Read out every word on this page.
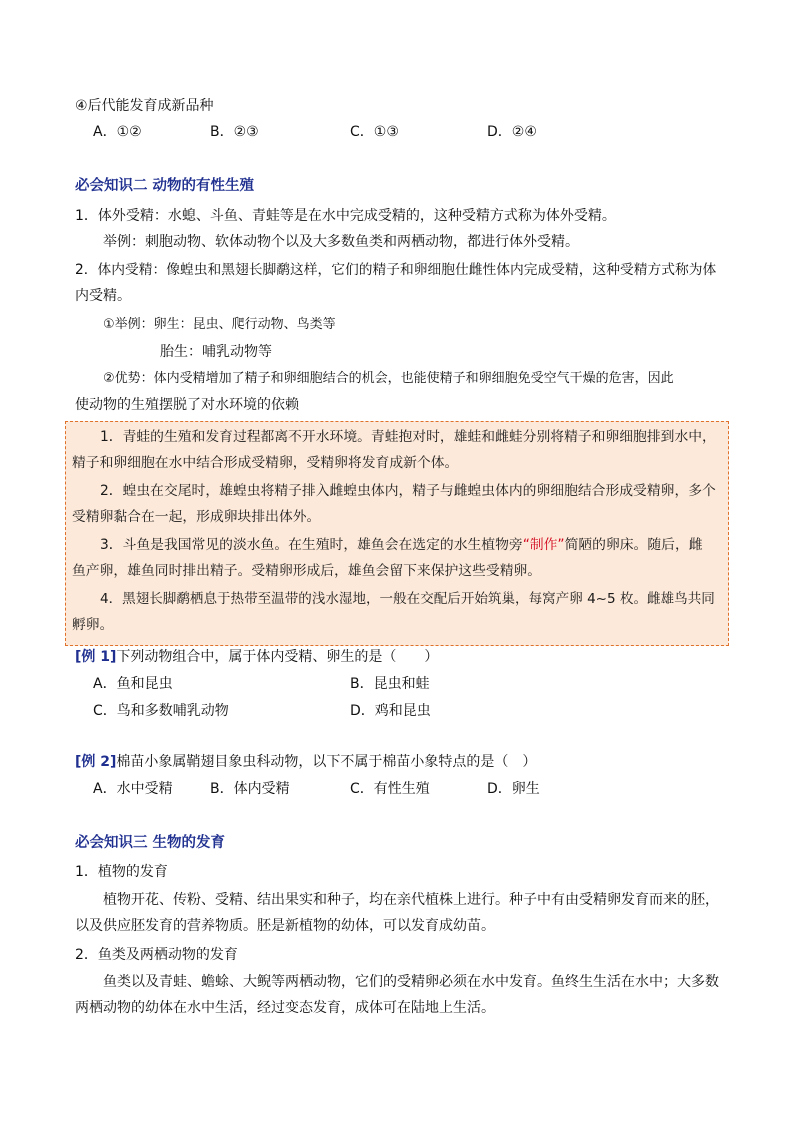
④后代能发育成新品种
A．①②	B．②③	C．①③	D．②④
必会知识二 动物的有性生殖
1．体外受精：水螅、斗鱼、青蛙等是在水中完成受精的，这种受精方式称为体外受精。
举例：刺胞动物、软体动物个以及大多数鱼类和两栖动物，都进行体外受精。
2．体内受精：像蝗虫和黑翅长脚鹬这样，它们的精子和卵细胞仕雌性体内完成受精，这种受精方式称为体
内受精。
①举例：卵生：昆虫、爬行动物、鸟类等
胎生：哺乳动物等
②优势：体内受精增加了精子和卵细胞结合的机会，也能使精子和卵细胞免受空气干燥的危害，因此
使动物的生殖摆脱了对水环境的依赖
1．青蛙的生殖和发育过程都离不开水环境。青蛙抱对时，雄蛙和雌蛙分别将精子和卵细胞排到水中，
精子和卵细胞在水中结合形成受精卵，受精卵将发育成新个体。
2．蝗虫在交尾时，雄蝗虫将精子排入雌蝗虫体内，精子与雌蝗虫体内的卵细胞结合形成受精卵，多个
受精卵黏合在一起，形成卵块排出体外。
3．斗鱼是我国常见的淡水鱼。在生殖时，雄鱼会在选定的水生植物旁“制作”简陋的卵床。随后，雌
鱼产卵，雄鱼同时排出精子。受精卵形成后，雄鱼会留下来保护这些受精卵。
4．黑翅长脚鹬栖息于热带至温带的浅水湿地，一般在交配后开始筑巢，每窝产卵 4~5 枚。雌雄鸟共同
孵卵。
[例 1]下列动物组合中，属于体内受精、卵生的是（　　）
A．鱼和昆虫	B．昆虫和蛙
C．鸟和多数哺乳动物	D．鸡和昆虫
[例 2]棉苗小象属鞘翅目象虫科动物，以下不属于棉苗小象特点的是（　）
A．水中受精	B．体内受精	C．有性生殖	D．卵生
必会知识三 生物的发育
1．植物的发育
植物开花、传粉、受精、结出果实和种子，均在亲代植株上进行。种子中有由受精卵发育而来的胚，
以及供应胚发育的营养物质。胚是新植物的幼体，可以发育成幼苗。
2．鱼类及两栖动物的发育
鱼类以及青蛙、蟾蜍、大鲵等两栖动物，它们的受精卵必须在水中发育。鱼终生生活在水中；大多数
两栖动物的幼体在水中生活，经过变态发育，成体可在陆地上生活。
